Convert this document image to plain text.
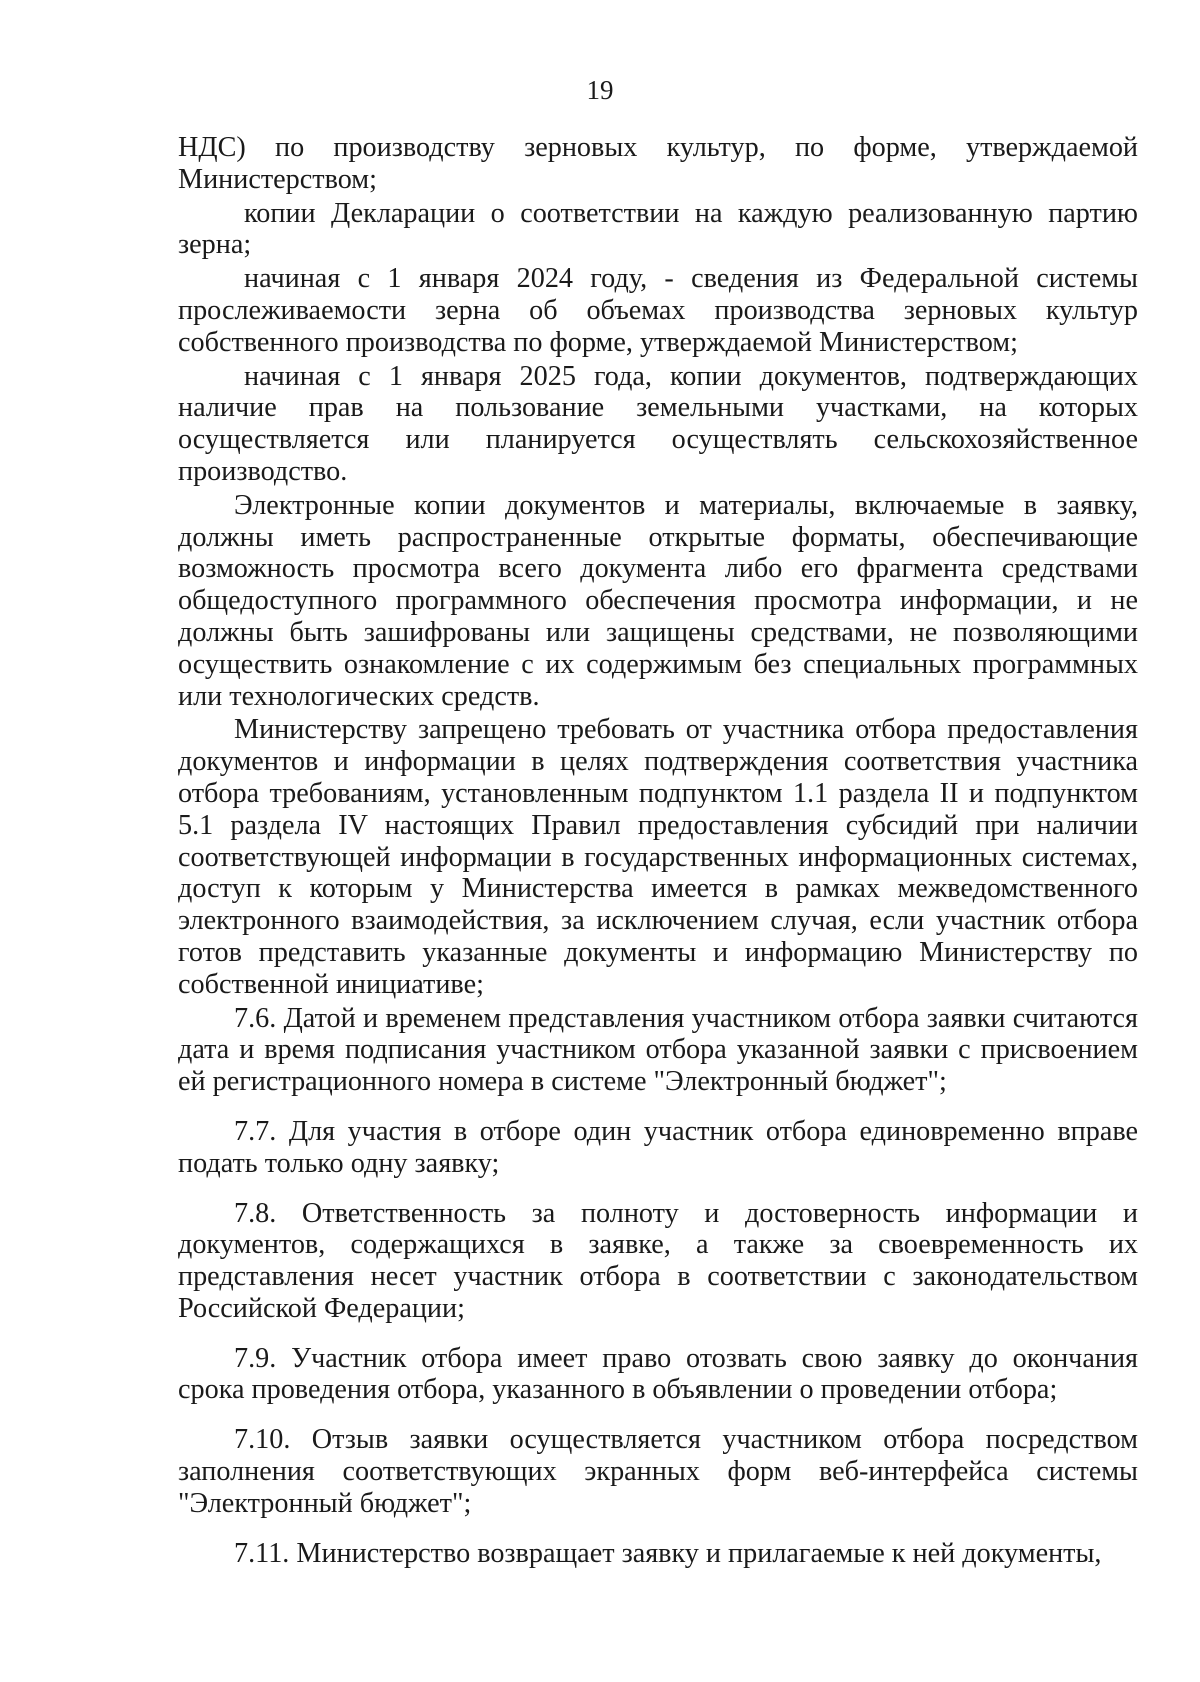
19

НДС) по производству зерновых культур, по форме, утверждаемой Министерством;

копии Декларации о соответствии на каждую реализованную партию зерна;

начиная с 1 января 2024 году, - сведения из Федеральной системы прослеживаемости зерна об объемах производства зерновых культур собственного производства по форме, утверждаемой Министерством;

начиная с 1 января 2025 года, копии документов, подтверждающих наличие прав на пользование земельными участками, на которых осуществляется или планируется осуществлять сельскохозяйственное производство.

Электронные копии документов и материалы, включаемые в заявку, должны иметь распространенные открытые форматы, обеспечивающие возможность просмотра всего документа либо его фрагмента средствами общедоступного программного обеспечения просмотра информации, и не должны быть зашифрованы или защищены средствами, не позволяющими осуществить ознакомление с их содержимым без специальных программных или технологических средств.

Министерству запрещено требовать от участника отбора предоставления документов и информации в целях подтверждения соответствия участника отбора требованиям, установленным подпунктом 1.1 раздела II и подпунктом 5.1 раздела IV настоящих Правил предоставления субсидий при наличии соответствующей информации в государственных информационных системах, доступ к которым у Министерства имеется в рамках межведомственного электронного взаимодействия, за исключением случая, если участник отбора готов представить указанные документы и информацию Министерству по собственной инициативе;

7.6. Датой и временем представления участником отбора заявки считаются дата и время подписания участником отбора указанной заявки с присвоением ей регистрационного номера в системе "Электронный бюджет";

7.7. Для участия в отборе один участник отбора единовременно вправе подать только одну заявку;

7.8. Ответственность за полноту и достоверность информации и документов, содержащихся в заявке, а также за своевременность их представления несет участник отбора в соответствии с законодательством Российской Федерации;

7.9. Участник отбора имеет право отозвать свою заявку до окончания срока проведения отбора, указанного в объявлении о проведении отбора;

7.10. Отзыв заявки осуществляется участником отбора посредством заполнения соответствующих экранных форм веб-интерфейса системы "Электронный бюджет";

7.11. Министерство возвращает заявку и прилагаемые к ней документы,
